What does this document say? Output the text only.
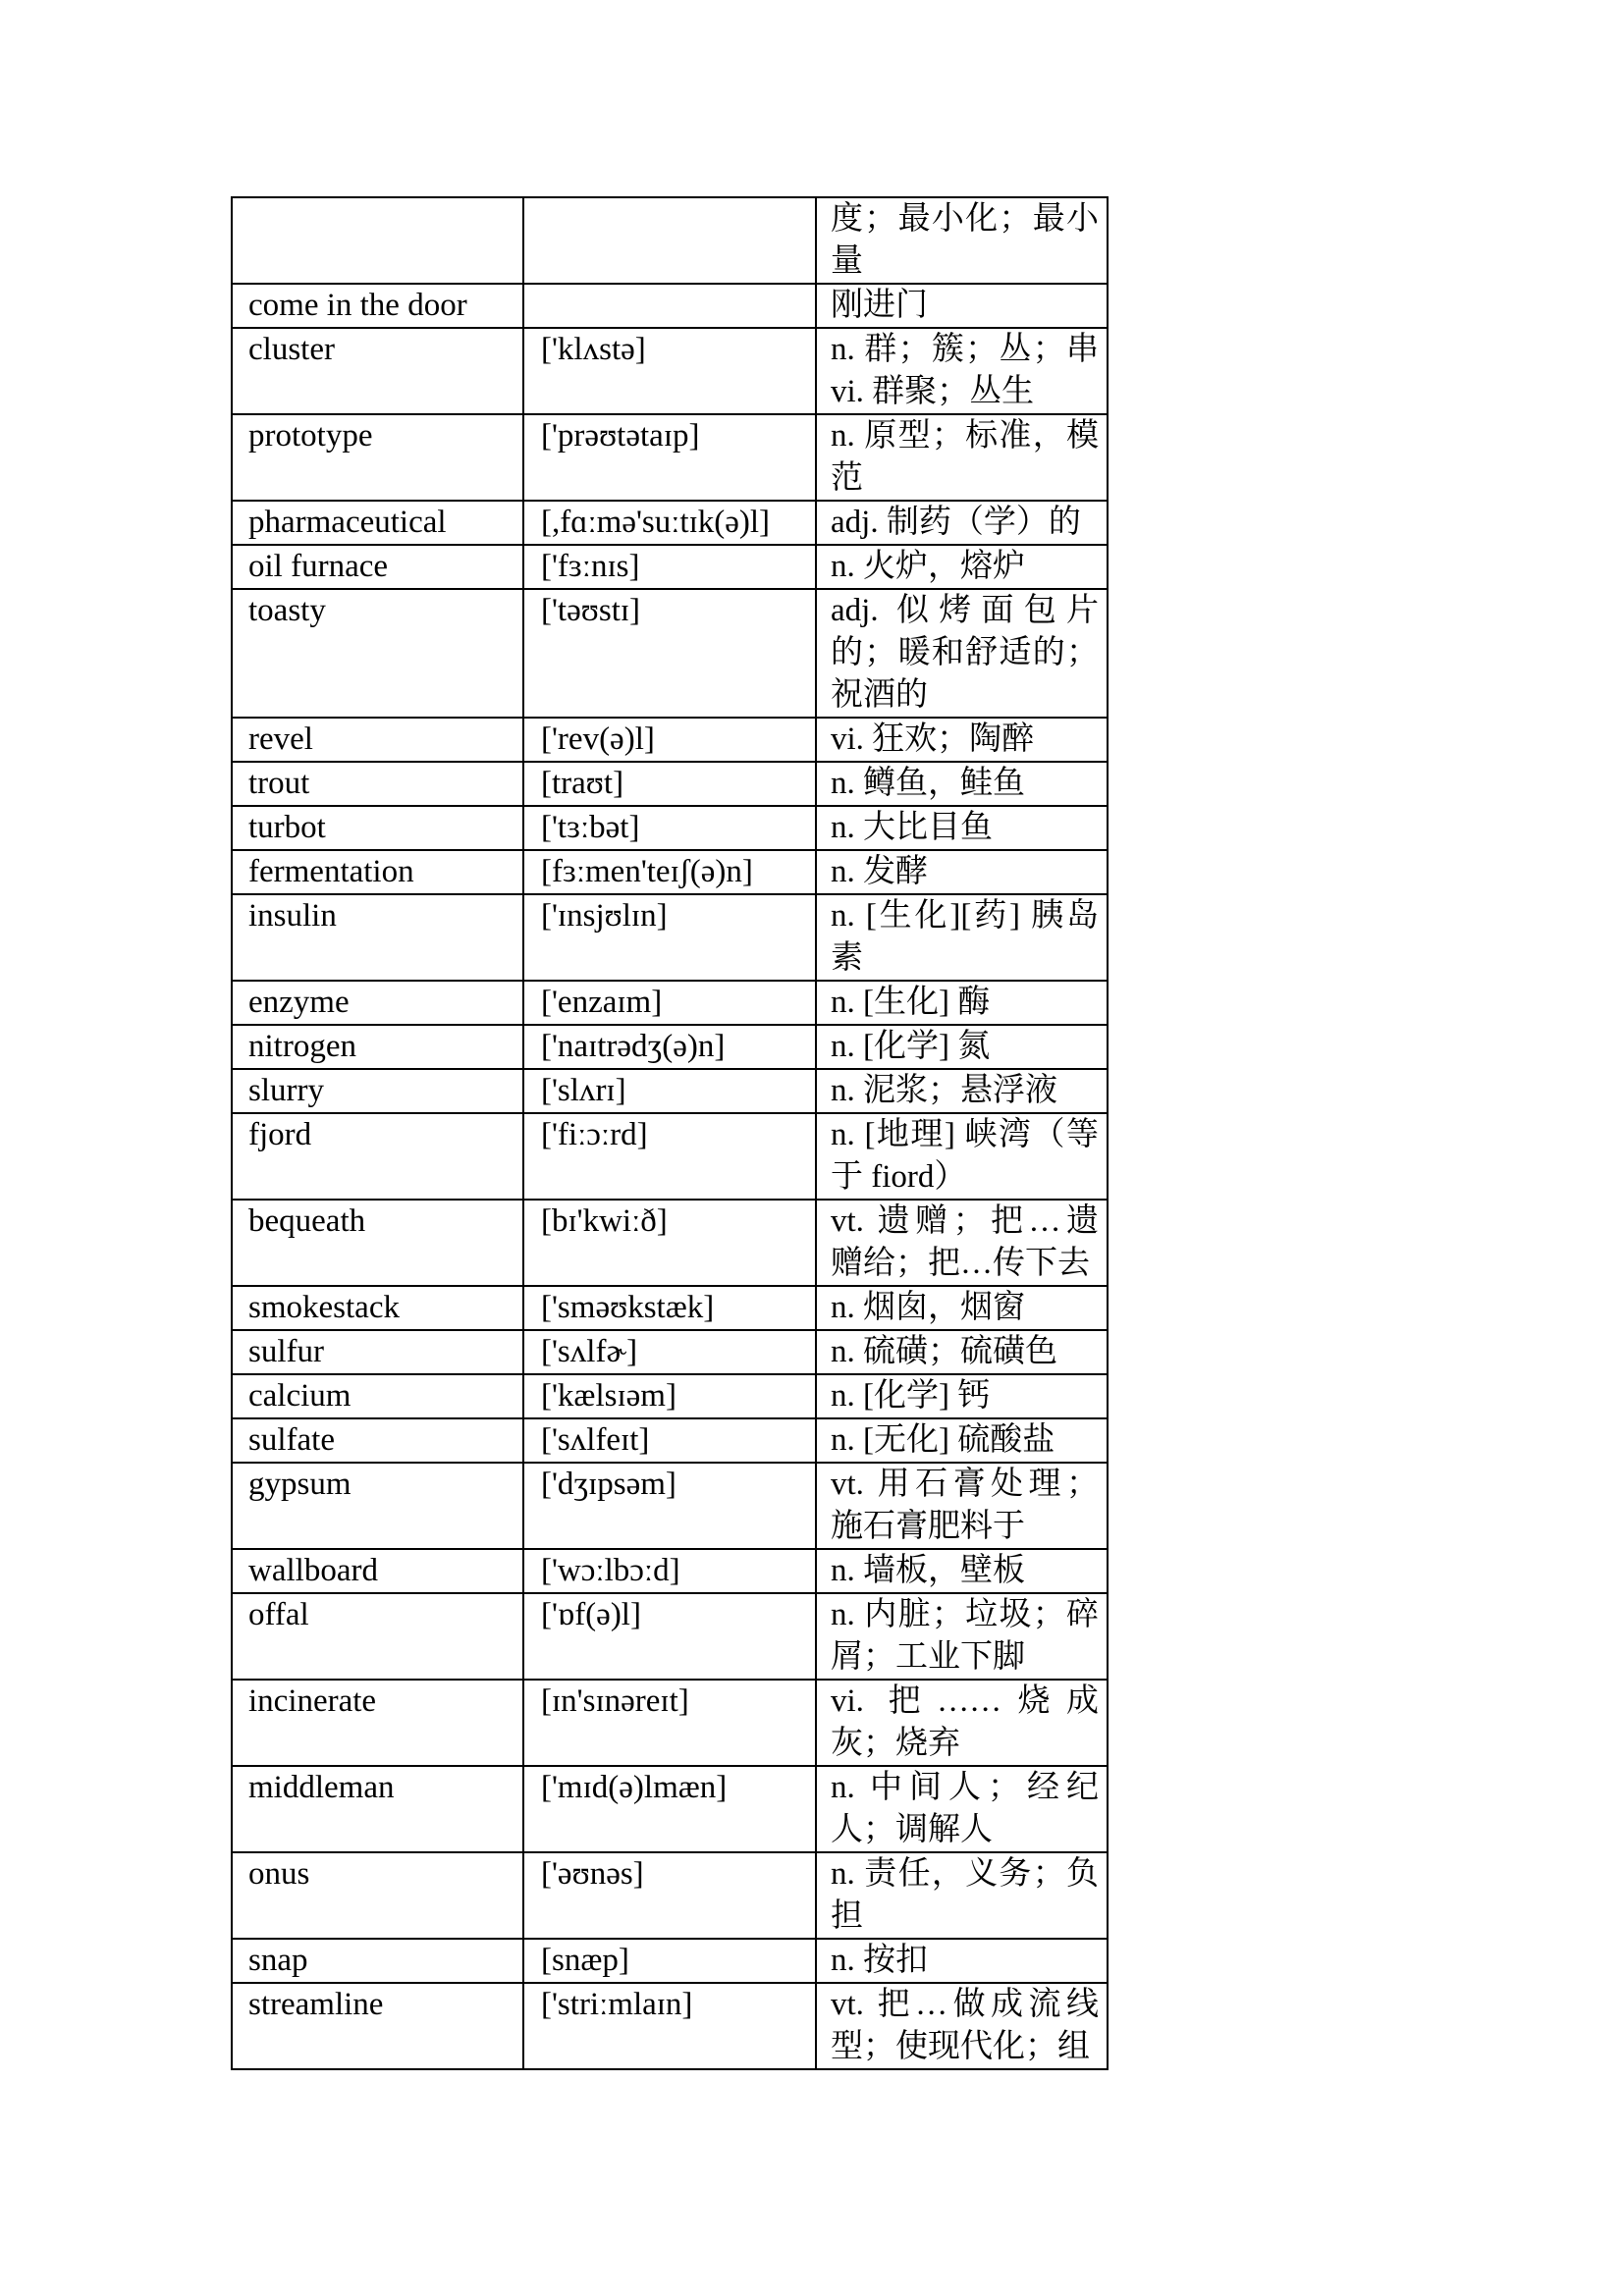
		度；最小化；最小
量

come in the door		刚进门

cluster	['klʌstə]	n. 群；簇；丛；串
vi. 群聚；丛生

prototype	['prəʊtətaɪp]	n. 原型；标准，模
范

pharmaceutical	[,fɑːmə'suːtɪk(ə)l]	adj. 制药（学）的

oil furnace	['fɜːnɪs]	n. 火炉，熔炉

toasty	['təʊstɪ]	adj. 似烤面包片
的；暖和舒适的；
祝酒的

revel	['rev(ə)l]	vi. 狂欢；陶醉

trout	[traʊt]	n. 鳟鱼，鲑鱼

turbot	['tɜːbət]	n. 大比目鱼

fermentation	[fɜːmen'teɪʃ(ə)n]	n. 发酵

insulin	['ɪnsjʊlɪn]	n. [生化][药] 胰岛
素

enzyme	['enzaɪm]	n. [生化] 酶

nitrogen	['naɪtrədʒ(ə)n]	n. [化学] 氮

slurry	['slʌrɪ]	n. 泥浆；悬浮液

fjord	['fiːɔːrd]	n. [地理] 峡湾（等
于 fiord）

bequeath	[bɪ'kwiːð]	vt. 遗赠；把…遗
赠给；把…传下去

smokestack	['sməʊkstæk]	n. 烟囱，烟窗

sulfur	['sʌlfɚ]	n. 硫磺；硫磺色

calcium	['kælsɪəm]	n. [化学] 钙

sulfate	['sʌlfeɪt]	n. [无化] 硫酸盐

gypsum	['dʒɪpsəm]	vt. 用石膏处理；
施石膏肥料于

wallboard	['wɔːlbɔːd]	n. 墙板，壁板

offal	['ɒf(ə)l]	n. 内脏；垃圾；碎
屑；工业下脚

incinerate	[ɪn'sɪnəreɪt]	vi. 把……烧成
灰；烧弃

middleman	['mɪd(ə)lmæn]	n. 中间人；经纪
人；调解人

onus	['əʊnəs]	n. 责任，义务；负
担

snap	[snæp]	n. 按扣

streamline	['striːmlaɪn]	vt. 把…做成流线
型；使现代化；组
